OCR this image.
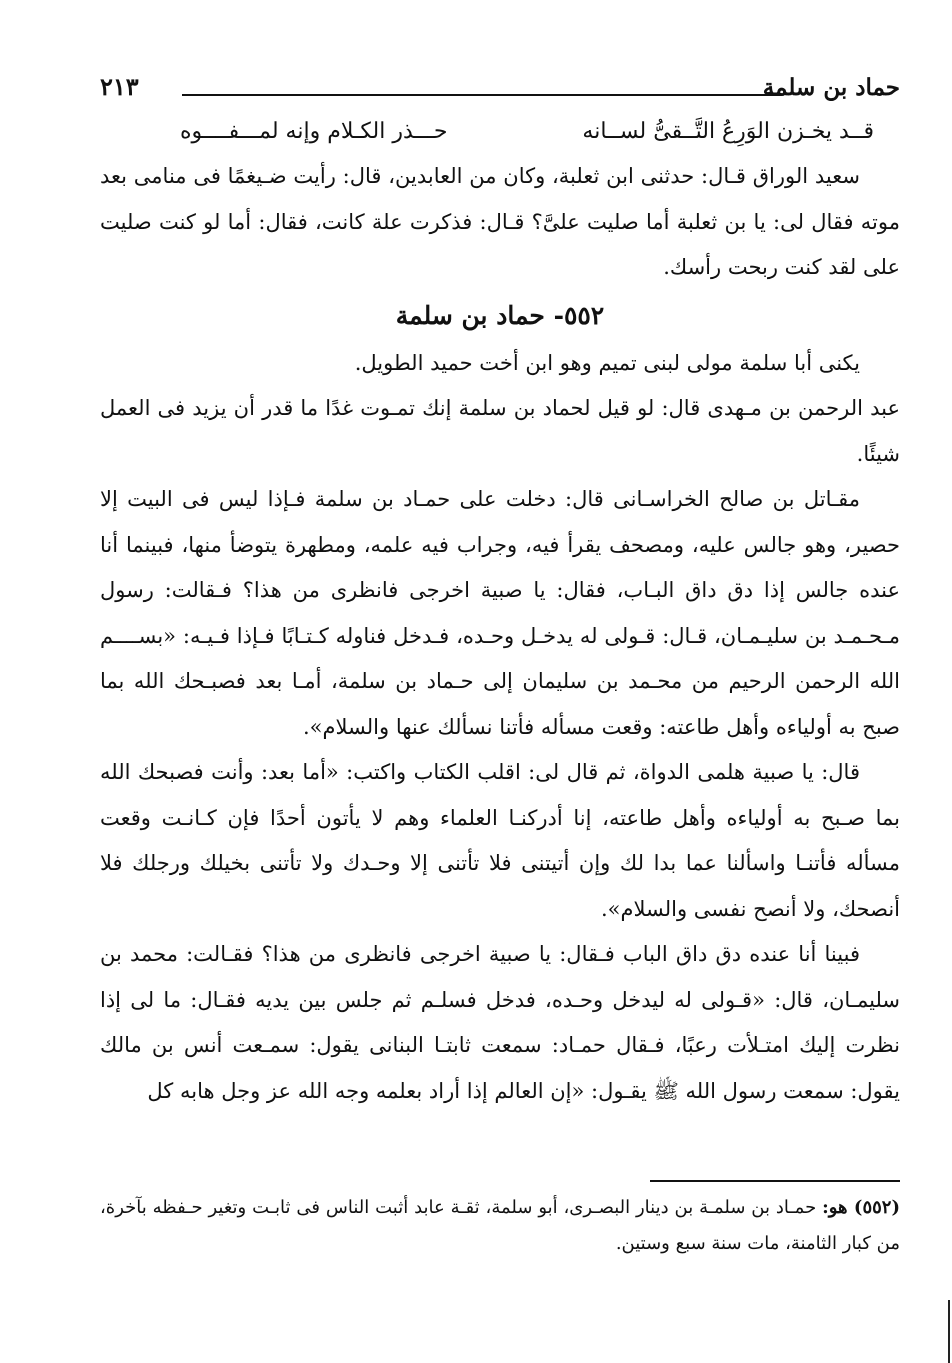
حماد بن سلمة
٢١٣
قــد يخـزن الوَرِعُ التَّــقىُّ لســانه
حـــذر الكـلام وإنه لمـــفــــوه

سعيد الوراق قـال: حدثنى ابن ثعلبة، وكان من العابدين، قال: رأيت ضـيغمًا فى منامى بعد موته فقال لى: يا بن ثعلبة أما صليت علىَّ؟ قـال: فذكرت علة كانت، فقال: أما لو كنت صليت على لقد كنت ربحت رأسك.

٥٥٢- حماد بن سلمة

يكنى أبا سلمة مولى لبنى تميم وهو ابن أخت حميد الطويل.

عبد الرحمن بن مـهدى قال: لو قيل لحماد بن سلمة إنك تمـوت غدًا ما قدر أن يزيد فى العمل شيئًا.

مقـاتل بن صالح الخراسـانى قال: دخلت على حمـاد بن سلمة فـإذا ليس فى البيت إلا حصير، وهو جالس عليه، ومصحف يقرأ فيه، وجراب فيه علمه، ومطهرة يتوضأ منها، فبينما أنا عنده جالس إذا دق داق البـاب، فقال: يا صبية اخرجى فانظرى من هذا؟ فـقالت: رسول مـحـمـد بن سليـمـان، قـال: قـولى له يدخـل وحـده، فـدخل فناوله كـتـابًا فـإذا فـيـه: «بســــم الله الرحمن الرحيم من محـمد بن سليمان إلى حـماد بن سلمة، أمـا بعد فصبـحك الله بما صبح به أولياءه وأهل طاعته: وقعت مسأله فأتنا نسألك عنها والسلام».

قال: يا صبية هلمى الدواة، ثم قال لى: اقلب الكتاب واكتب: «أما بعد: وأنت فصبحك الله بما صـبح به أولياءه وأهل طاعته، إنا أدركنـا العلماء وهم لا يأتون أحدًا فإن كـانـت وقعت مسأله فأتنـا واسألنا عما بدا لك وإن أتيتنى فلا تأتنى إلا وحـدك ولا تأتنى بخيلك ورجلك فلا أنصحك، ولا أنصح نفسى والسلام».

فبينا أنا عنده دق داق الباب فـقال: يا صبية اخرجى فانظرى من هذا؟ فقـالت: محمد بن سليمـان، قال: «قـولى له ليدخل وحـده، فدخل فسلـم ثم جلس بين يديه فقـال: ما لى إذا نظرت إليك امتـلأت رعبًا، فـقال حمـاد: سمعت ثابتـا البنانى يقول: سمـعت أنس بن مالك يقول: سمعت رسول الله ﷺ يقـول: «إن العالم إذا أراد بعلمه وجه الله عز وجل هابه كل

(٥٥٢) هو: حمـاد بن سلمـة بن دينار البصـرى، أبو سلمة، ثقـة عابد أثبت الناس فى ثابـت وتغير حـفظه بآخرة، من كبار الثامنة، مات سنة سبع وستين.
